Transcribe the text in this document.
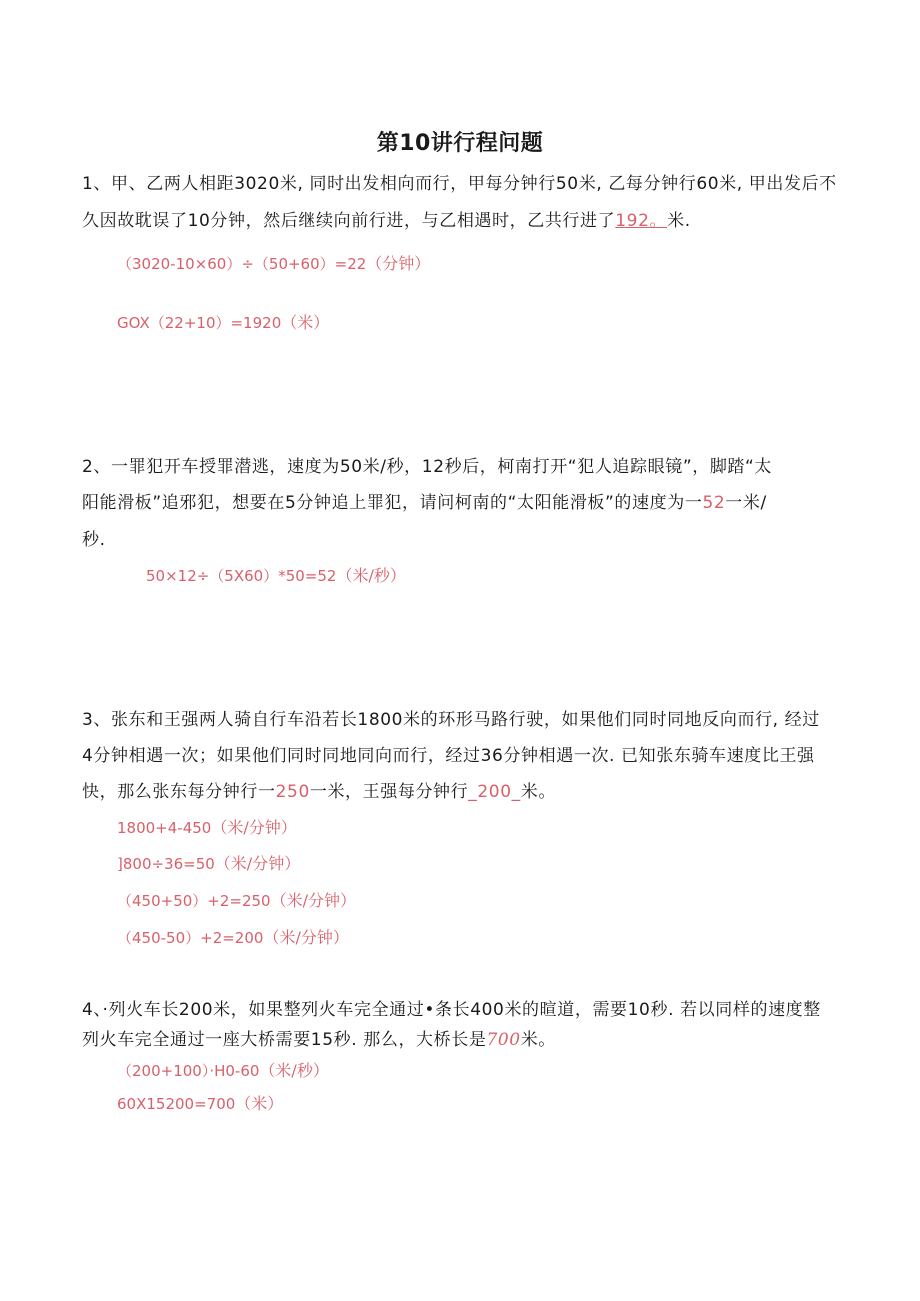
第10讲行程问题
1、甲、乙两人相距3020米, 同时出发相向而行，甲每分钟行50米, 乙每分钟行60米, 甲出发后不
久因故耽误了10分钟，然后继续向前行进，与乙相遇时，乙共行进了192。米.
（3020-10×60）÷（50+60）=22（分钟）
GOX（22+10）=1920（米）
2、一罪犯开车授罪潜逃，速度为50米/秒，12秒后，柯南打开“犯人追踪眼镜”，脚踏“太
阳能滑板”追邪犯，想要在5分钟追上罪犯，请问柯南的“太阳能滑板”的速度为一52一米/
秒.
50×12÷（5X60）*50=52（米/秒）
3、张东和王强两人骑自行车沿若长1800米的环形马路行驶，如果他们同时同地反向而行, 经过
4分钟相遇一次；如果他们同时同地同向而行，经过36分钟相遇一次. 已知张东骑车速度比王强
快，那么张东每分钟行一250一米，王强每分钟行_200_米。
1800+4-450（米/分钟）
]800÷36=50（米/分钟）
（450+50）+2=250（米/分钟）
（450-50）+2=200（米/分钟）
4、·列火车长200米，如果整列火车完全通过•条长400米的暄道，需要10秒. 若以同样的速度整
列火车完全通过一座大桥需要15秒. 那么，大桥长是700米。
（200+100）·H0-60（米/秒）
60X15200=700（米）
